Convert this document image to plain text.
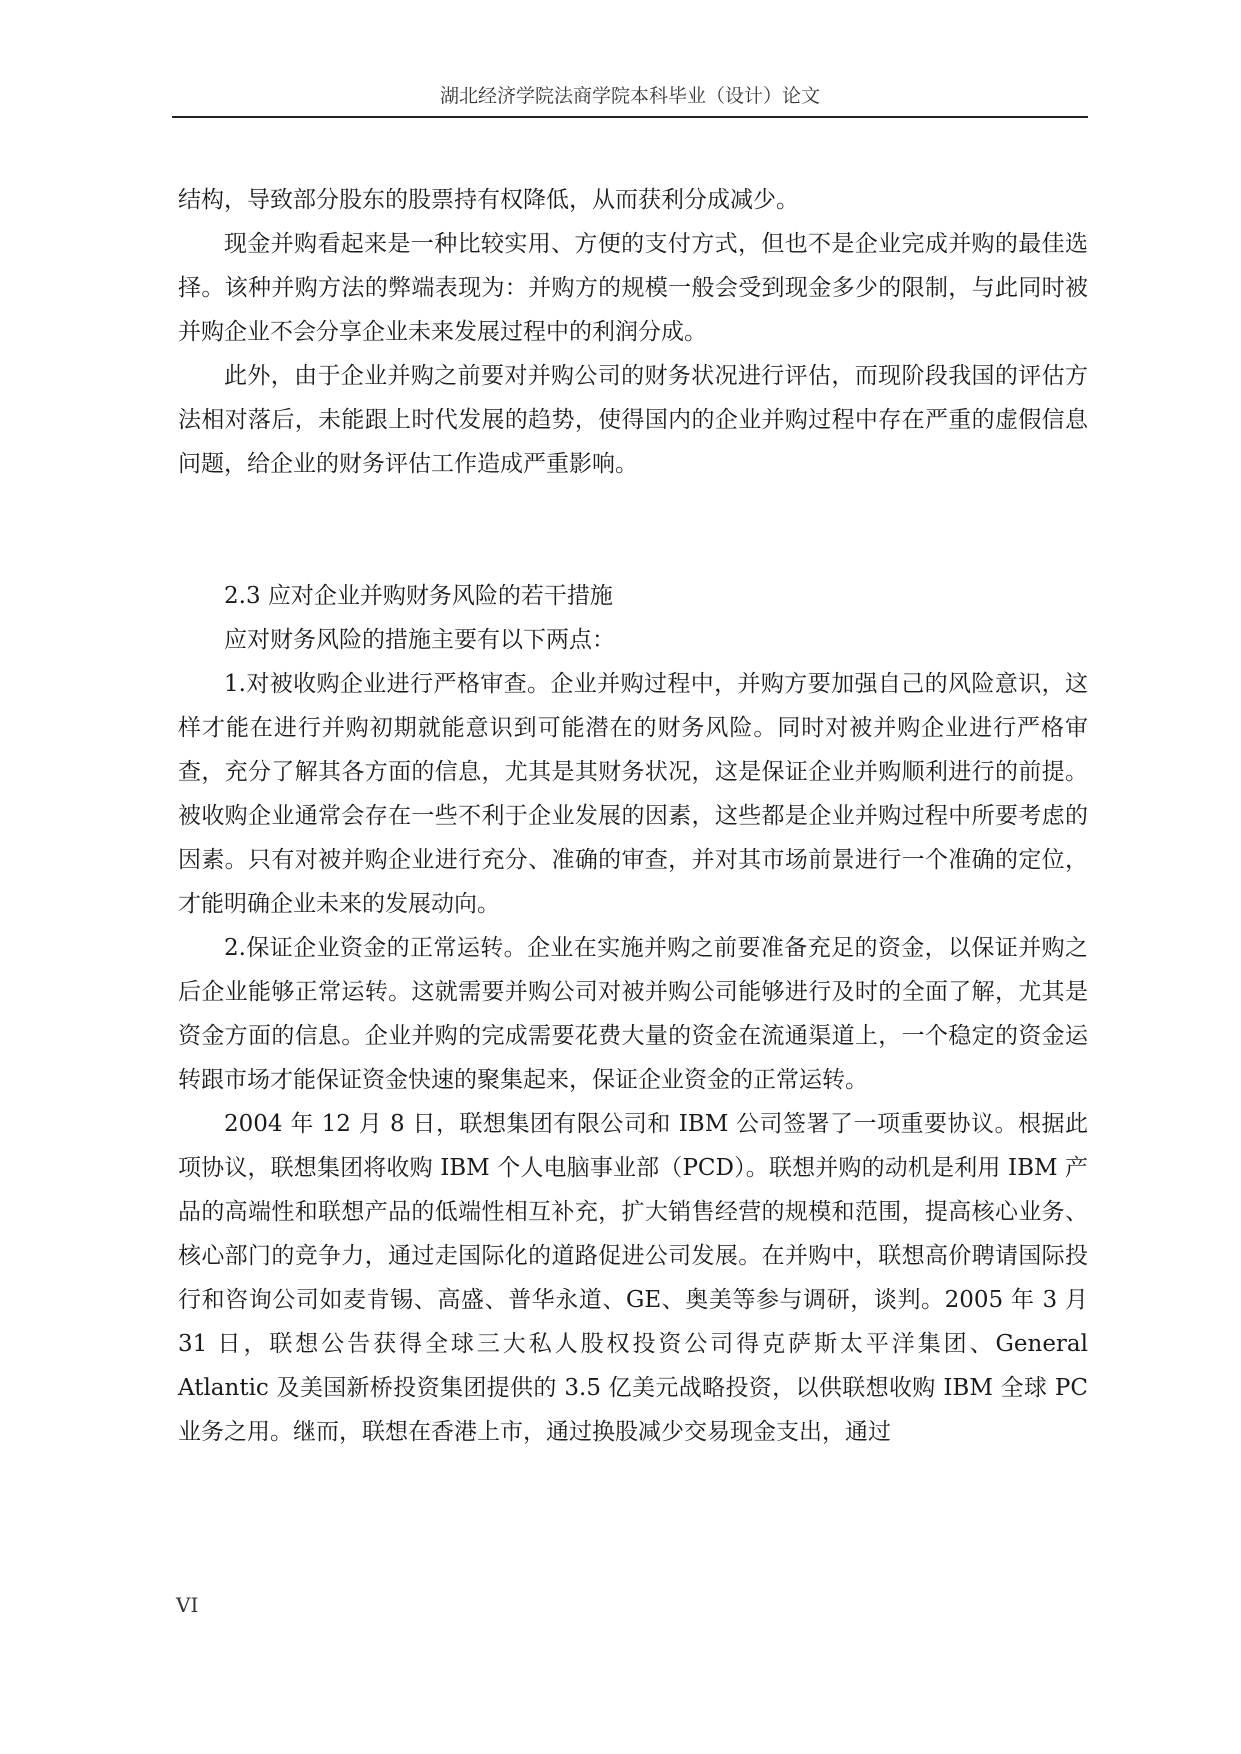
湖北经济学院法商学院本科毕业（设计）论文

结构，导致部分股东的股票持有权降低，从而获利分成减少。

现金并购看起来是一种比较实用、方便的支付方式，但也不是企业完成并购的最佳选择。该种并购方法的弊端表现为：并购方的规模一般会受到现金多少的限制，与此同时被并购企业不会分享企业未来发展过程中的利润分成。

此外，由于企业并购之前要对并购公司的财务状况进行评估，而现阶段我国的评估方法相对落后，未能跟上时代发展的趋势，使得国内的企业并购过程中存在严重的虚假信息问题，给企业的财务评估工作造成严重影响。

2.3 应对企业并购财务风险的若干措施

应对财务风险的措施主要有以下两点：

1.对被收购企业进行严格审查。企业并购过程中，并购方要加强自己的风险意识，这样才能在进行并购初期就能意识到可能潜在的财务风险。同时对被并购企业进行严格审查，充分了解其各方面的信息，尤其是其财务状况，这是保证企业并购顺利进行的前提。被收购企业通常会存在一些不利于企业发展的因素，这些都是企业并购过程中所要考虑的因素。只有对被并购企业进行充分、准确的审查，并对其市场前景进行一个准确的定位，才能明确企业未来的发展动向。

2.保证企业资金的正常运转。企业在实施并购之前要准备充足的资金，以保证并购之后企业能够正常运转。这就需要并购公司对被并购公司能够进行及时的全面了解，尤其是资金方面的信息。企业并购的完成需要花费大量的资金在流通渠道上，一个稳定的资金运转跟市场才能保证资金快速的聚集起来，保证企业资金的正常运转。

2004 年 12 月 8 日，联想集团有限公司和 IBM 公司签署了一项重要协议。根据此项协议，联想集团将收购 IBM 个人电脑事业部（PCD）。联想并购的动机是利用 IBM 产品的高端性和联想产品的低端性相互补充，扩大销售经营的规模和范围，提高核心业务、核心部门的竞争力，通过走国际化的道路促进公司发展。在并购中，联想高价聘请国际投行和咨询公司如麦肯锡、高盛、普华永道、GE、奥美等参与调研，谈判。2005 年 3 月 31 日，联想公告获得全球三大私人股权投资公司得克萨斯太平洋集团、General Atlantic 及美国新桥投资集团提供的 3.5 亿美元战略投资，以供联想收购 IBM 全球 PC 业务之用。继而，联想在香港上市，通过换股减少交易现金支出，通过

VI
